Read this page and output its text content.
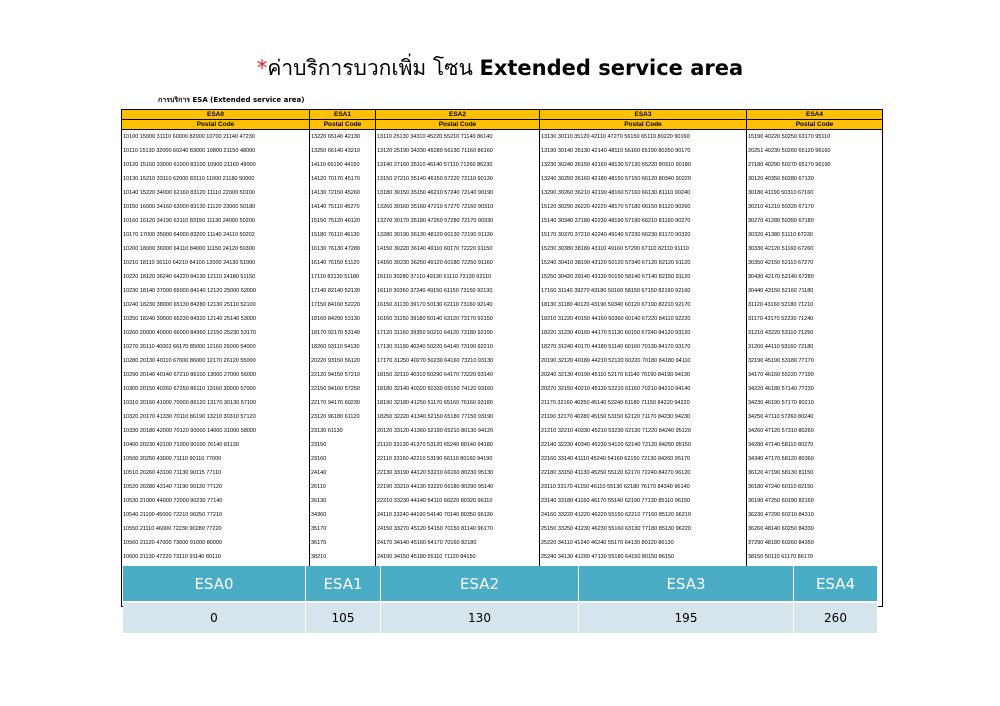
*ค่าบริการบวกเพิ่ม โซน Extended service area
การบริการ ESA (Extended service area)
ESA0	ESA1	ESA2	ESA3	ESA4
Postal Code	Postal Code	Postal Code	Postal Code	Postal Code
10100 15000 31110 60000 82000 10700 21140 47230	13220 65140 42130	13110 25130 34310 45220 55210 71140 86140	13130 30110 35120 42110 47270 56150 65110 80220 90160	15190 40220 50250 63170 95110
10110 15130 32000 60240 83000 10800 21150 48000	13250 66140 43210	13120 25190 34330 45280 56130 71160 86160	13190 30140 35130 42140 48110 56160 65190 80250 90170	20251 40230 50260 65120 96160
10120 15160 33000 61000 83100 10900 21160 49000	14110 66190 44150	13140 27160 35110 46140 57110 71260 86230	13230 30240 36150 42160 48130 57130 65220 80310 90180	27180 40290 50270 65170 96190
10130 15210 33110 62000 83110 11000 21180 50000	14120 70170 45170	13150 27210 35140 46150 57220 72110 90130	13240 30250 36160 42180 48150 57150 66120 80340 90220	30120 40350 50280 67130
10140 15220 34000 62160 83120 11110 22000 50100	14130 72150 45260	13180 30150 35150 46210 57240 72140 90190	13290 30260 36210 42190 48160 57160 66130 81110 90240	30180 41190 50310 67160
10150 16000 34160 63000 83130 11120 23000 50180	14140 75110 45270	13260 30160 35160 47210 57270 72160 90310	15120 30290 36220 42220 48170 57180 66150 81120 90260	30210 41210 50320 67170
10160 16120 34190 63110 83150 11130 24000 50200	15150 75120 46120	13270 30170 35180 47260 57280 72170 90330	15140 30340 37180 42230 48190 57190 66210 81160 90270	30270 41280 50350 67180
10170 17000 35000 64000 83200 11140 24110 50202	15180 76110 46130	13280 30190 36130 48120 60130 72190 91130	15170 30370 37210 42240 49140 57230 66230 81170 90320	30320 41380 51110 67230
10200 18000 36000 64110 84000 11150 24120 50300	16130 76130 47280	14150 30220 36140 49110 60170 72220 91150	15230 30380 38180 43110 49160 57290 67110 82110 91110	30330 42120 51160 67260
10210 18110 36110 64210 84100 12000 24130 51000	16140 76150 51120	14160 30230 36250 49120 60180 72250 91160	15240 30410 38190 43120 50120 57340 67120 82120 91120	30350 42150 52110 67270
10220 18120 36240 64220 84130 12110 24180 51150	17110 82130 51180	15110 30280 37110 49130 61110 73130 92110	15250 30420 39140 43130 50150 58140 67140 82150 91120	30430 42170 52140 67280
10230 18140 37000 65000 84140 12120 25000 52000	17140 82140 52130	16110 30360 37240 49150 61150 73150 92130	17160 31140 39270 43180 50160 58150 67150 82190 92160	30440 43150 52160 71180
10240 18230 38000 65130 84280 12130 25110 52100	17150 84160 52220	16150 31130 39170 50130 62110 73160 92140	18130 31180 40120 43190 50340 60120 67190 82210 92170	31120 43160 52180 71210
10250 18240 39000 65230 84320 12140 25140 53000	18160 84290 53130	16160 31150 39180 50140 63120 73170 92150	18210 31220 40150 44160 50360 60140 67220 84110 92220	31170 43170 52230 71240
10260 20000 40000 66000 84360 12150 25230 53170	18170 92170 53140	17120 31160 39350 50210 64120 73180 92190	18220 31230 40160 44170 51130 60150 67240 84120 93120	31210 43220 53110 71250
10270 20110 40002 66170 85000 12160 26000 54000	18260 93110 54130	17130 31190 40240 50220 64140 73190 92210	18270 31240 40170 44180 51140 60160 70130 84170 93170	31260 44110 53160 72180
10280 20130 40110 67000 86000 12170 26120 55000	20220 93150 56120	17170 31250 40270 50230 64160 73210 93130	20190 32120 40180 44210 52120 60220 70180 84180 94110	32190 45190 53180 77170
10290 20140 40140 67210 86100 13000 27000 56000	22120 94150 57210	18150 32110 40310 50290 64170 73220 93140	20240 32130 40190 45110 52170 61140 70190 84190 94130	34170 46160 55220 77190
10300 20150 40260 67250 86110 13160 30000 57000	22150 94160 57250	18180 32140 40320 50330 65150 74120 93160	20270 32150 40210 45130 52210 61160 70210 84210 94140	34220 46180 57140 77230
10310 20160 41000 70000 86120 13170 30130 57100	22170 94170 60230	18190 32180 41250 51170 65160 76160 93180	21170 32160 40250 45140 52240 61180 71150 84220 94220	34230 46190 57170 80210
10320 20170 41330 70110 86190 13210 30310 57120	23120 96180 61120	18250 32220 41340 52150 65180 77150 93190	21190 32170 40280 45150 53150 62120 71170 84230 94230	34250 47110 57260 80240
10330 20180 42000 70120 90000 14000 31000 58000	23130 61130	20120 33120 41360 52190 65210 80130 94120	21210 32210 40330 45210 53230 62130 71220 84240 95120	34260 47120 57310 80260
10400 20230 42100 71000 90100 76140 81130	23150	21120 33130 41370 53120 65240 80140 94180	22140 32230 40340 45230 54120 62140 72120 84250 95150	34280 47140 58110 80270
10500 20250 43000 71110 90110 77000	23160	22110 33160 42210 53190 66110 80160 94190	22160 33140 41110 45240 54160 62150 72130 84260 95170	34340 47170 58120 80360
10510 20260 43100 71130 90115 77110	24140	22130 33190 44120 53210 66160 80230 95130	22180 33150 41130 45250 55120 62170 72240 84270 96120	36120 47190 58130 81150
10520 20280 43140 71190 90120 77120	26110	22190 33210 44130 53220 66180 80290 95140	23110 33170 41150 46110 55130 62180 76170 84340 96140	36180 47240 60110 82150
10530 21000 44000 72000 90230 77140	26130	22210 33230 44140 54110 66220 80320 96110	23140 33180 41160 46170 55140 62190 77130 85110 96150	36190 47250 60190 82160
10540 21100 45000 72210 90250 77210	34360	24110 33240 44190 54140 70140 80350 96130	24160 33220 41220 46220 55150 62210 77160 85120 96210	36230 47290 60210 84310
10550 21110 46000 72230 90280 77220	35170	24150 33270 45120 54150 70150 81140 96170	25150 33250 41230 46230 55160 63130 77180 85130 96220	36260 48140 60250 84330
10560 21120 47000 73000 91000 80000	36170	24170 34140 45160 54170 70160 82180	25220 34110 41240 46240 55170 64130 80120 86130	37290 48180 60260 84350
10600 21130 47220 73110 91140 80110	38210	24190 34150 45180 55110 71120 84150	25240 34130 41260 47130 55180 64150 80150 86150	38150 50110 61170 86170

ESA0	ESA1	ESA2	ESA3	ESA4
0	105	130	195	260
